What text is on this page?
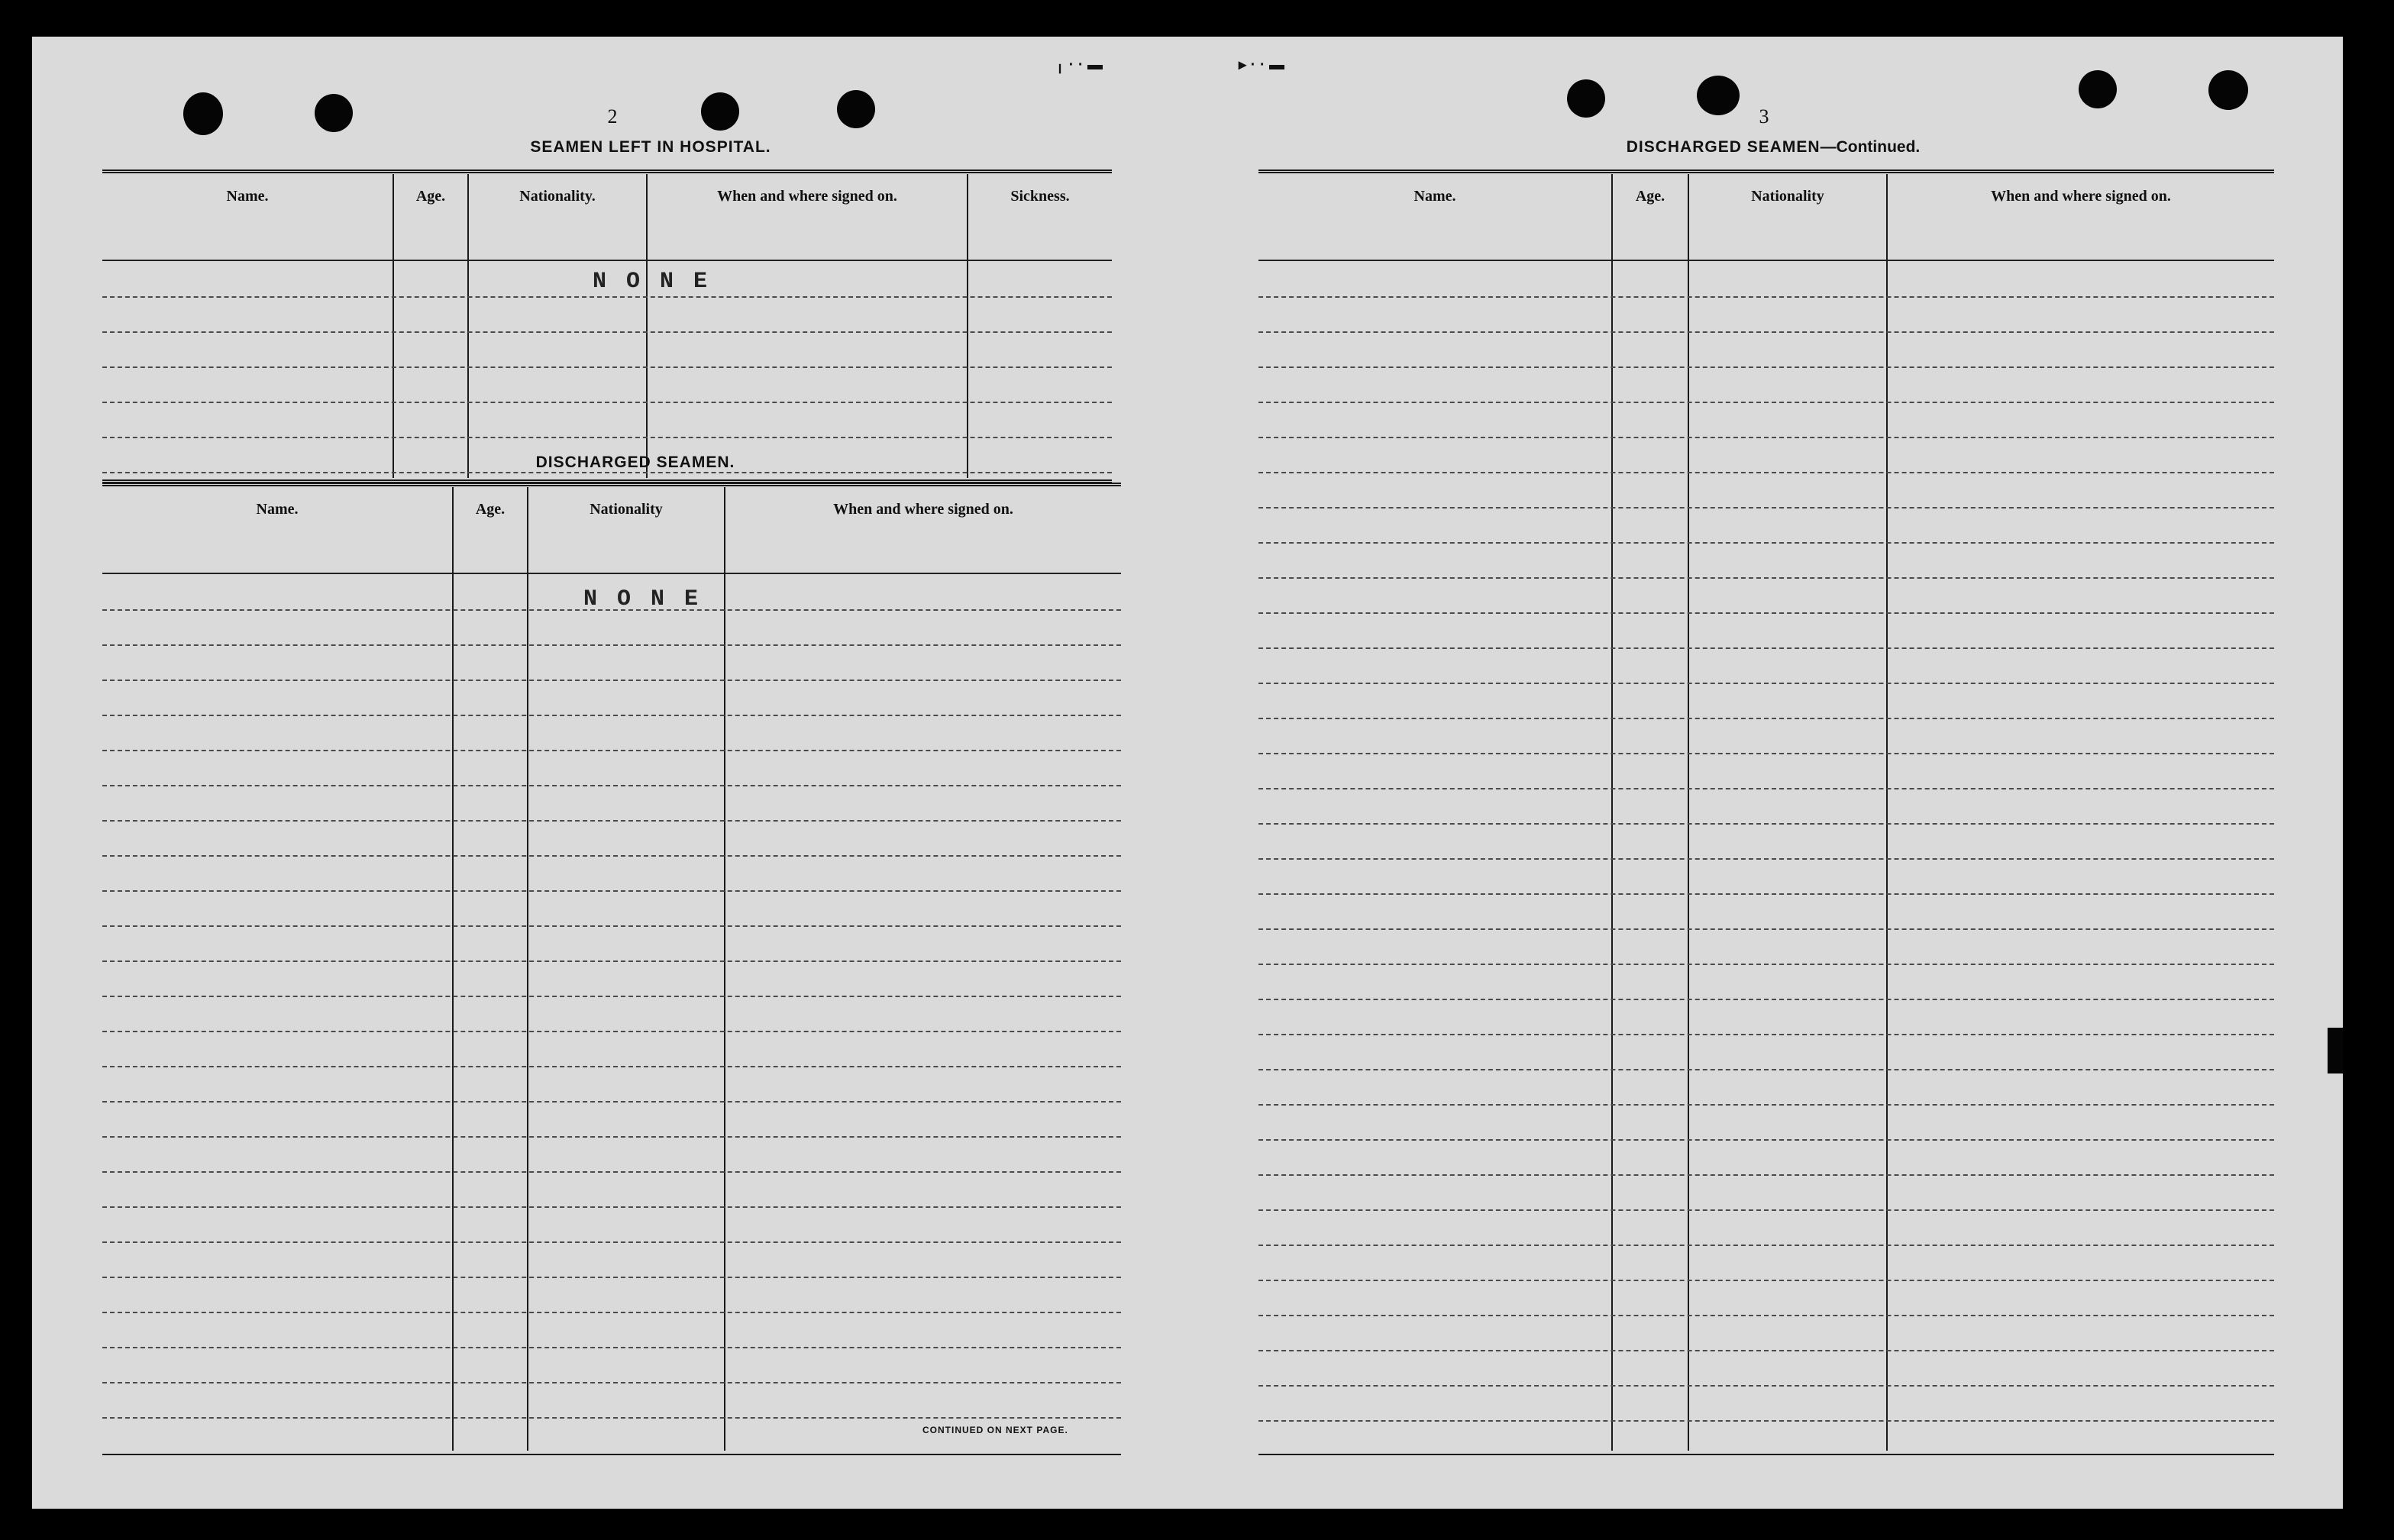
╷ · · ▬	▸ · · ▬
2
SEAMEN LEFT IN HOSPITAL.
Name.	Age.	Nationality.	When and where signed on.	Sickness.
NONE
DISCHARGED SEAMEN.
Name.	Age.	Nationality	When and where signed on.
NONE
CONTINUED ON NEXT PAGE.
3
DISCHARGED SEAMEN—Continued.
Name.	Age.	Nationality	When and where signed on.
